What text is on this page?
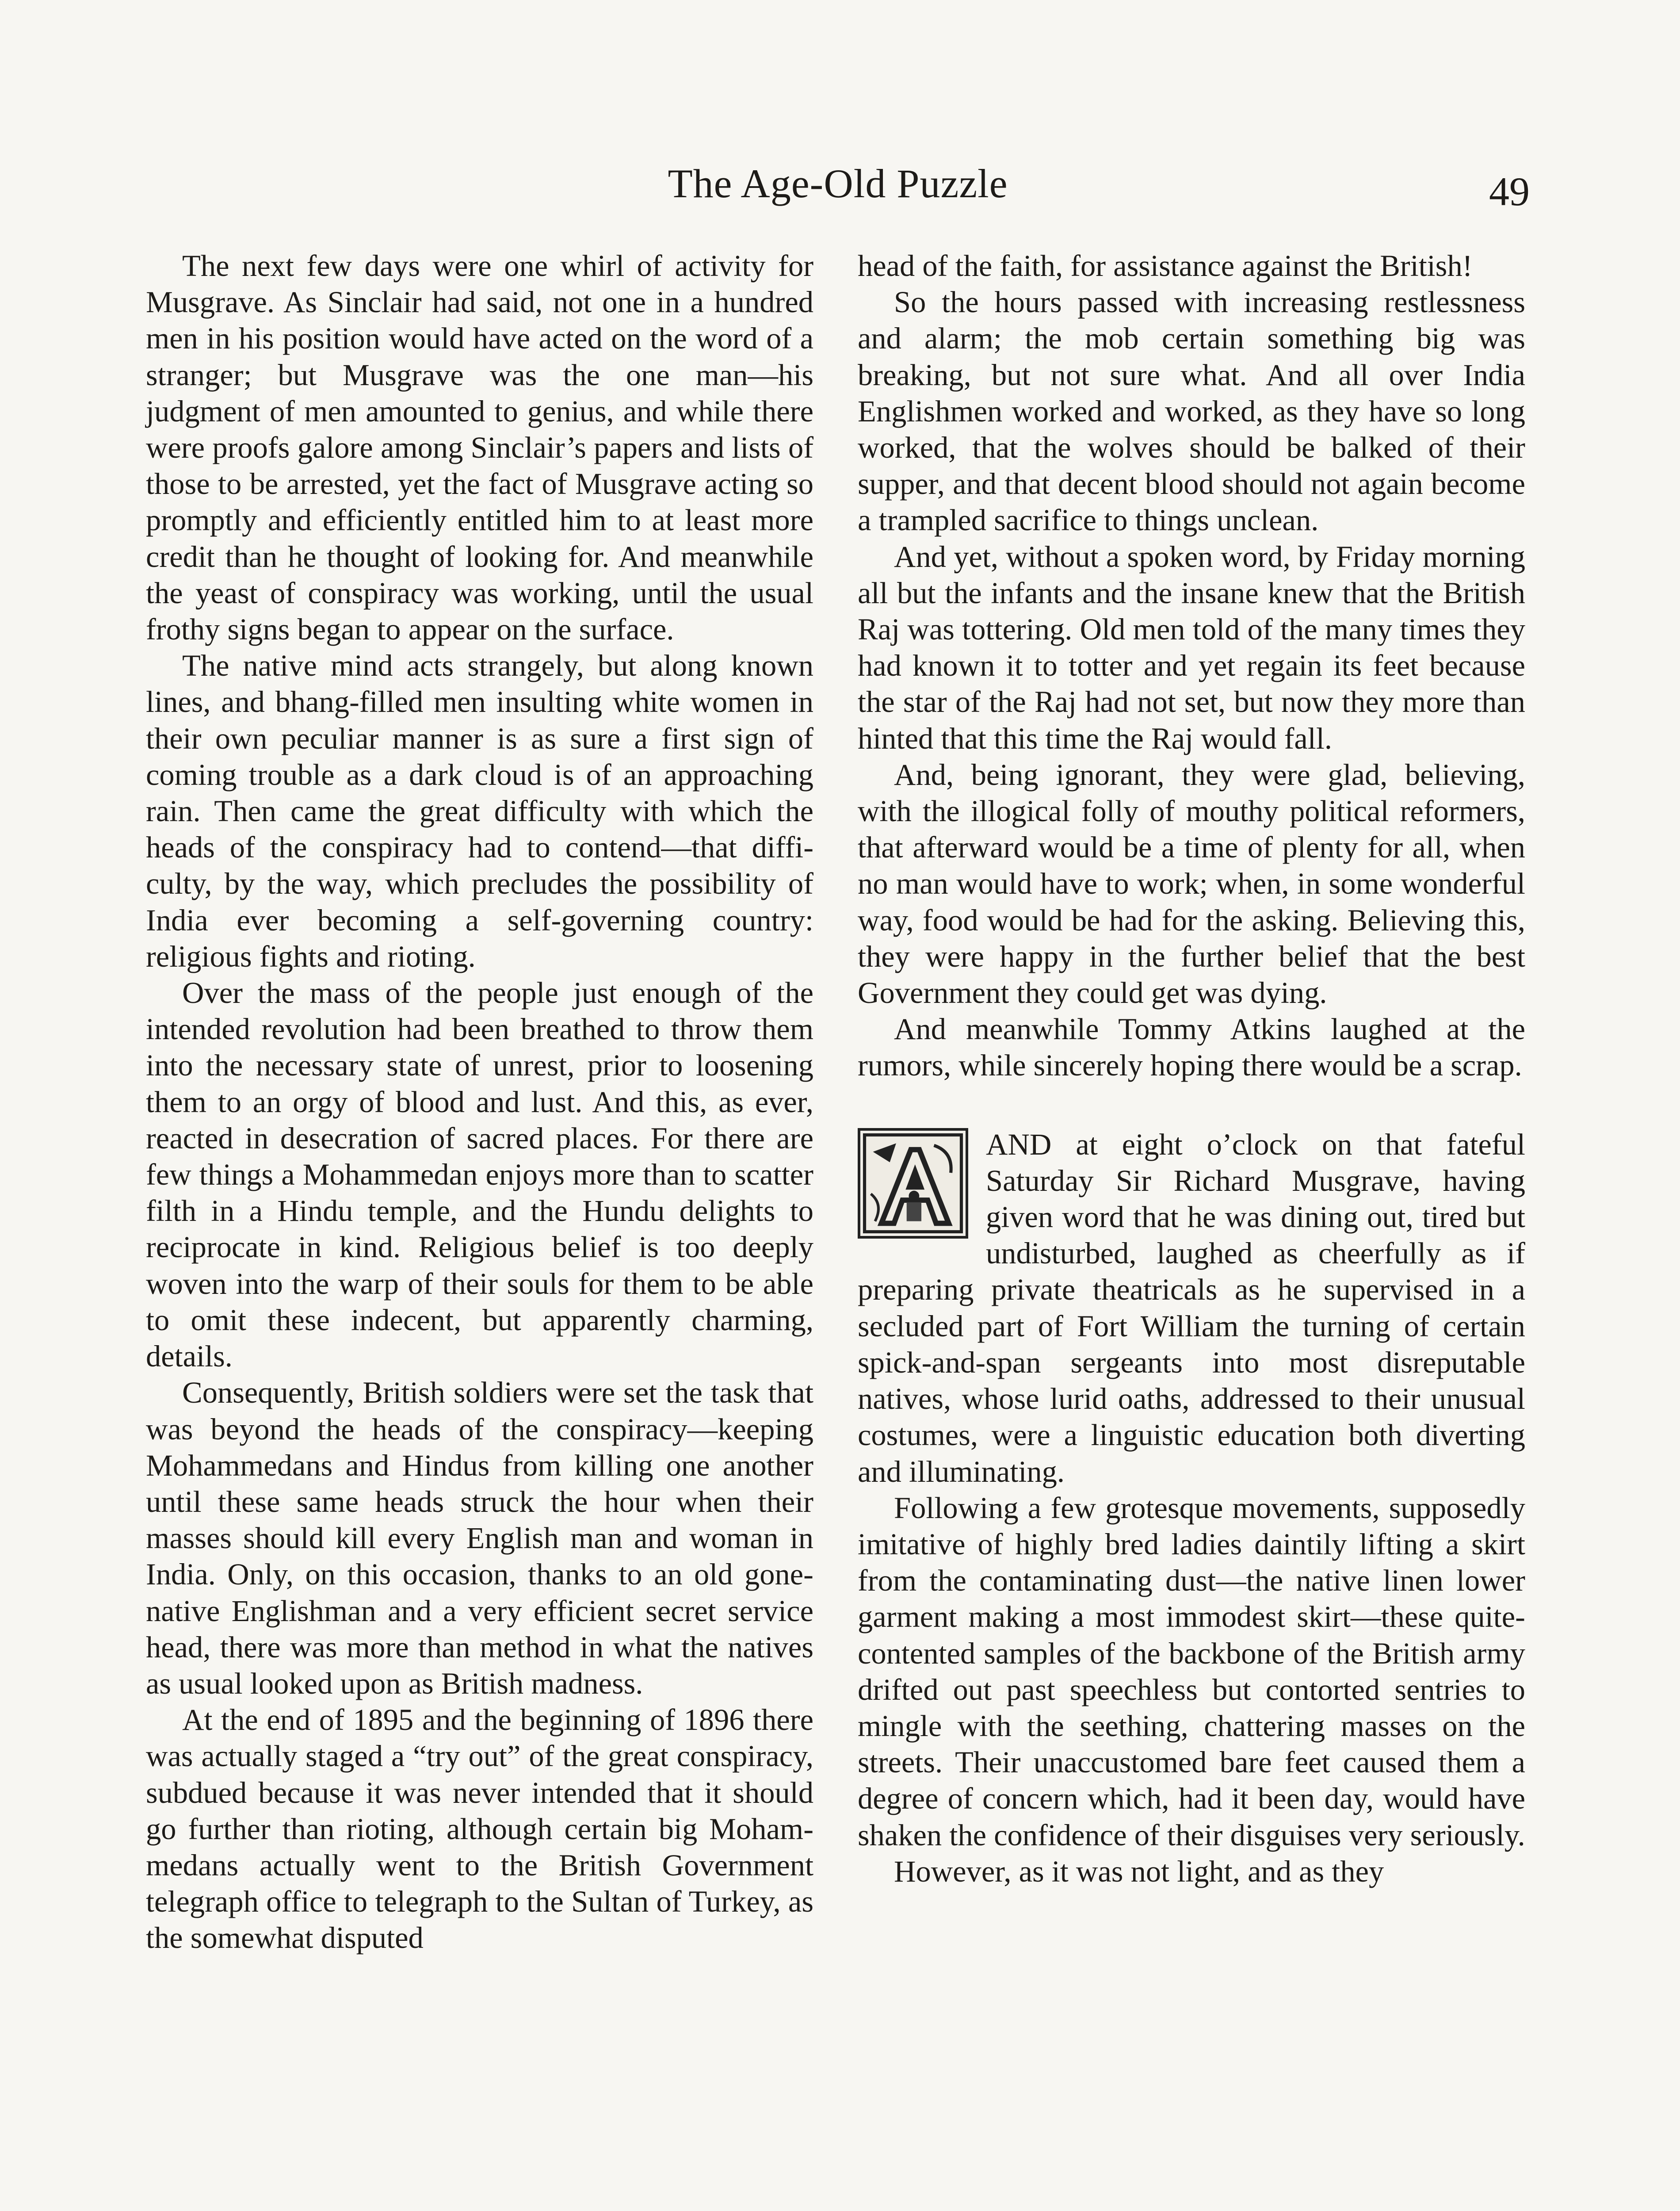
The Age-Old Puzzle	49

The next few days were one whirl of activity for Musgrave. As Sinclair had said, not one in a hundred men in his position would have acted on the word of a stranger; but Musgrave was the one man—his judgment of men amounted to genius, and while there were proofs galore among Sinclair’s papers and lists of those to be arrested, yet the fact of Musgrave acting so promptly and efficiently entitled him to at least more credit than he thought of looking for. And meanwhile the yeast of conspiracy was working, until the usual frothy signs began to appear on the surface.

The native mind acts strangely, but along known lines, and bhang-filled men insulting white women in their own peculiar manner is as sure a first sign of coming trouble as a dark cloud is of an approaching rain. Then came the great difficulty with which the heads of the conspiracy had to contend—that difficulty, by the way, which precludes the possibility of India ever becoming a self-governing country: religious fights and rioting.

Over the mass of the people just enough of the intended revolution had been breathed to throw them into the necessary state of unrest, prior to loosening them to an orgy of blood and lust. And this, as ever, reacted in desecration of sacred places. For there are few things a Mohammedan enjoys more than to scatter filth in a Hindu temple, and the Hundu delights to reciprocate in kind. Religious belief is too deeply woven into the warp of their souls for them to be able to omit these indecent, but apparently charming, details.

Consequently, British soldiers were set the task that was beyond the heads of the conspiracy—keeping Mohammedans and Hindus from killing one another until these same heads struck the hour when their masses should kill every English man and woman in India. Only, on this occasion, thanks to an old gone-native Englishman and a very efficient secret service head, there was more than method in what the natives as usual looked upon as British madness.

At the end of 1895 and the beginning of 1896 there was actually staged a “try out” of the great conspiracy, subdued because it was never intended that it should go further than rioting, although certain big Mohammedans actually went to the British Government telegraph office to telegraph to the Sultan of Turkey, as the somewhat disputed

head of the faith, for assistance against the British!

So the hours passed with increasing restlessness and alarm; the mob certain something big was breaking, but not sure what. And all over India Englishmen worked and worked, as they have so long worked, that the wolves should be balked of their supper, and that decent blood should not again become a trampled sacrifice to things unclean.

And yet, without a spoken word, by Friday morning all but the infants and the insane knew that the British Raj was tottering. Old men told of the many times they had known it to totter and yet regain its feet because the star of the Raj had not set, but now they more than hinted that this time the Raj would fall.

And, being ignorant, they were glad, believing, with the illogical folly of mouthy political reformers, that afterward would be a time of plenty for all, when no man would have to work; when, in some wonderful way, food would be had for the asking. Believing this, they were happy in the further belief that the best Government they could get was dying.

And meanwhile Tommy Atkins laughed at the rumors, while sincerely hoping there would be a scrap.

AND at eight o’clock on that fateful Saturday Sir Richard Musgrave, having given word that he was dining out, tired but undisturbed, laughed as cheerfully as if preparing private theatricals as he supervised in a secluded part of Fort William the turning of certain spick-and-span sergeants into most disreputable natives, whose lurid oaths, addressed to their unusual costumes, were a linguistic education both diverting and illuminating.

Following a few grotesque movements, supposedly imitative of highly bred ladies daintily lifting a skirt from the contaminating dust—the native linen lower garment making a most immodest skirt—these quite-contented samples of the backbone of the British army drifted out past speechless but contorted sentries to mingle with the seething, chattering masses on the streets. Their unaccustomed bare feet caused them a degree of concern which, had it been day, would have shaken the confidence of their disguises very seriously.

However, as it was not light, and as they
